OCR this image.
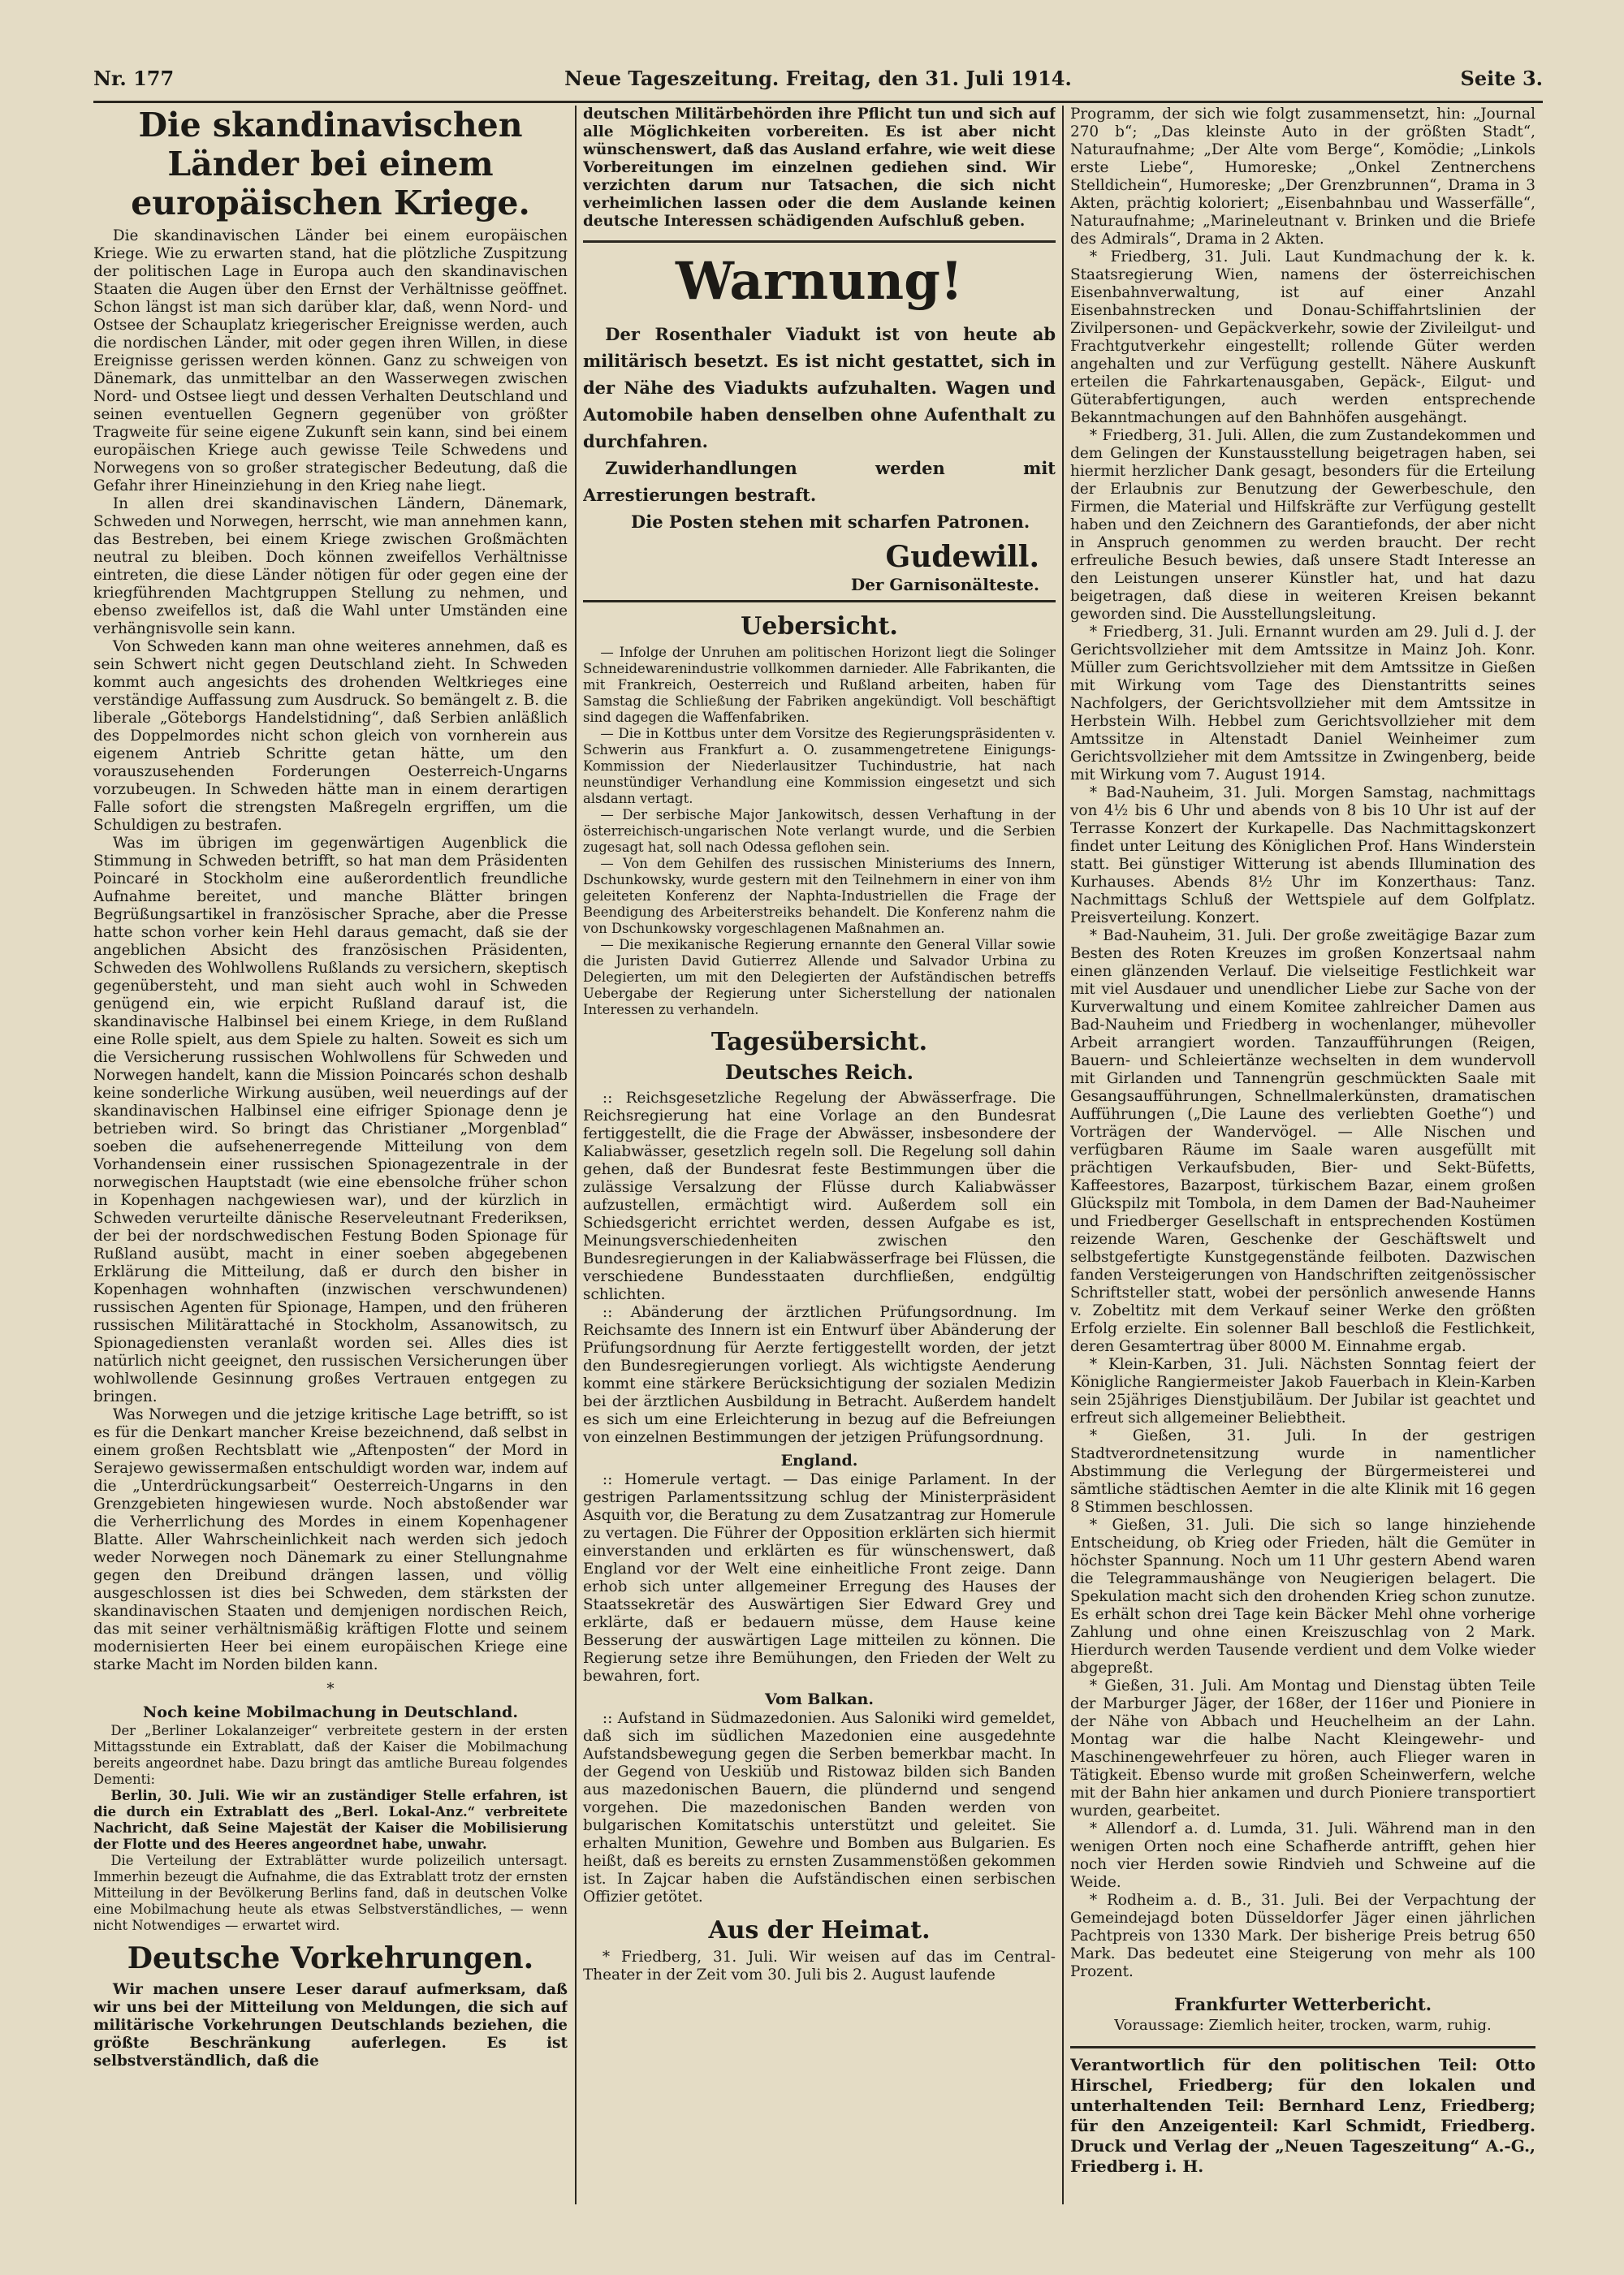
Nr. 177	Neue Tageszeitung. Freitag, den 31. Juli 1914.	Seite 3.
Die skandinavischen Länder bei einem europäischen Kriege.

Die skandinavischen Länder bei einem europäischen Kriege. Wie zu erwarten stand, hat die plötzliche Zuspitzung der politischen Lage in Europa auch den skandinavischen Staaten die Augen über den Ernst der Verhältnisse geöffnet. Schon längst ist man sich darüber klar, daß, wenn Nord- und Ostsee der Schauplatz kriegerischer Ereignisse werden, auch die nordischen Länder, mit oder gegen ihren Willen, in diese Ereignisse gerissen werden können. Ganz zu schweigen von Dänemark, das unmittelbar an den Wasserwegen zwischen Nord- und Ostsee liegt und dessen Verhalten Deutschland und seinen eventuellen Gegnern gegenüber von größter Tragweite für seine eigene Zukunft sein kann, sind bei einem europäischen Kriege auch gewisse Teile Schwedens und Norwegens von so großer strategischer Bedeutung, daß die Gefahr ihrer Hineinziehung in den Krieg nahe liegt.

In allen drei skandinavischen Ländern, Dänemark, Schweden und Norwegen, herrscht, wie man annehmen kann, das Bestreben, bei einem Kriege zwischen Großmächten neutral zu bleiben. Doch können zweifellos Verhältnisse eintreten, die diese Länder nötigen für oder gegen eine der kriegführenden Machtgruppen Stellung zu nehmen, und ebenso zweifellos ist, daß die Wahl unter Umständen eine verhängnisvolle sein kann.

Von Schweden kann man ohne weiteres annehmen, daß es sein Schwert nicht gegen Deutschland zieht. In Schweden kommt auch angesichts des drohenden Weltkrieges eine verständige Auffassung zum Ausdruck. So bemängelt z. B. die liberale „Göteborgs Handelstidning“, daß Serbien anläßlich des Doppelmordes nicht schon gleich von vornherein aus eigenem Antrieb Schritte getan hätte, um den vorauszusehenden Forderungen Oesterreich-Ungarns vorzubeugen. In Schweden hätte man in einem derartigen Falle sofort die strengsten Maßregeln ergriffen, um die Schuldigen zu bestrafen.

Was im übrigen im gegenwärtigen Augenblick die Stimmung in Schweden betrifft, so hat man dem Präsidenten Poincaré in Stockholm eine außerordentlich freundliche Aufnahme bereitet, und manche Blätter bringen Begrüßungsartikel in französischer Sprache, aber die Presse hatte schon vorher kein Hehl daraus gemacht, daß sie der angeblichen Absicht des französischen Präsidenten, Schweden des Wohlwollens Rußlands zu versichern, skeptisch gegenübersteht, und man sieht auch wohl in Schweden genügend ein, wie erpicht Rußland darauf ist, die skandinavische Halbinsel bei einem Kriege, in dem Rußland eine Rolle spielt, aus dem Spiele zu halten. Soweit es sich um die Versicherung russischen Wohlwollens für Schweden und Norwegen handelt, kann die Mission Poincarés schon deshalb keine sonderliche Wirkung ausüben, weil neuerdings auf der skandinavischen Halbinsel eine eifriger Spionage denn je betrieben wird. So bringt das Christianer „Morgenblad“ soeben die aufsehenerregende Mitteilung von dem Vorhandensein einer russischen Spionagezentrale in der norwegischen Hauptstadt (wie eine ebensolche früher schon in Kopenhagen nachgewiesen war), und der kürzlich in Schweden verurteilte dänische Reserveleutnant Frederiksen, der bei der nordschwedischen Festung Boden Spionage für Rußland ausübt, macht in einer soeben abgegebenen Erklärung die Mitteilung, daß er durch den bisher in Kopenhagen wohnhaften (inzwischen verschwundenen) russischen Agenten für Spionage, Hampen, und den früheren russischen Militärattaché in Stockholm, Assanowitsch, zu Spionagediensten veranlaßt worden sei. Alles dies ist natürlich nicht geeignet, den russischen Versicherungen über wohlwollende Gesinnung großes Vertrauen entgegen zu bringen.

Was Norwegen und die jetzige kritische Lage betrifft, so ist es für die Denkart mancher Kreise bezeichnend, daß selbst in einem großen Rechtsblatt wie „Aftenposten“ der Mord in Serajewo gewissermaßen entschuldigt worden war, indem auf die „Unterdrückungsarbeit“ Oesterreich-Ungarns in den Grenzgebieten hingewiesen wurde. Noch abstoßender war die Verherrlichung des Mordes in einem Kopenhagener Blatte. Aller Wahrscheinlichkeit nach werden sich jedoch weder Norwegen noch Dänemark zu einer Stellungnahme gegen den Dreibund drängen lassen, und völlig ausgeschlossen ist dies bei Schweden, dem stärksten der skandinavischen Staaten und demjenigen nordischen Reich, das mit seiner verhältnismäßig kräftigen Flotte und seinem modernisierten Heer bei einem europäischen Kriege eine starke Macht im Norden bilden kann.

*
Noch keine Mobilmachung in Deutschland.

Der „Berliner Lokalanzeiger“ verbreitete gestern in der ersten Mittagsstunde ein Extrablatt, daß der Kaiser die Mobilmachung bereits angeordnet habe. Dazu bringt das amtliche Bureau folgendes Dementi:

Berlin, 30. Juli. Wie wir an zuständiger Stelle erfahren, ist die durch ein Extrablatt des „Berl. Lokal-Anz.“ verbreitete Nachricht, daß Seine Majestät der Kaiser die Mobilisierung der Flotte und des Heeres angeordnet habe, unwahr.

Die Verteilung der Extrablätter wurde polizeilich untersagt. Immerhin bezeugt die Aufnahme, die das Extrablatt trotz der ernsten Mitteilung in der Bevölkerung Berlins fand, daß in deutschen Volke eine Mobilmachung heute als etwas Selbstverständliches, — wenn nicht Notwendiges — erwartet wird.

Deutsche Vorkehrungen.

Wir machen unsere Leser darauf aufmerksam, daß wir uns bei der Mitteilung von Meldungen, die sich auf militärische Vorkehrungen Deutschlands beziehen, die größte Beschränkung auferlegen. Es ist selbstverständlich, daß die

deutschen Militärbehörden ihre Pflicht tun und sich auf alle Möglichkeiten vorbereiten. Es ist aber nicht wünschenswert, daß das Ausland erfahre, wie weit diese Vorbereitungen im einzelnen gediehen sind. Wir verzichten darum nur Tatsachen, die sich nicht verheimlichen lassen oder die dem Auslande keinen deutsche Interessen schädigenden Aufschluß geben.

Warnung!

Der Rosenthaler Viadukt ist von heute ab militärisch besetzt. Es ist nicht gestattet, sich in der Nähe des Viadukts aufzuhalten. Wagen und Automobile haben denselben ohne Aufenthalt zu durchfahren.

Zuwiderhandlungen werden mit Arrestierungen bestraft.

Die Posten stehen mit scharfen Patronen.

Gudewill.
Der Garnisonälteste.
Uebersicht.

— Infolge der Unruhen am politischen Horizont liegt die Solinger Schneidewarenindustrie vollkommen darnieder. Alle Fabrikanten, die mit Frankreich, Oesterreich und Rußland arbeiten, haben für Samstag die Schließung der Fabriken angekündigt. Voll beschäftigt sind dagegen die Waffenfabriken.

— Die in Kottbus unter dem Vorsitze des Regierungspräsidenten v. Schwerin aus Frankfurt a. O. zusammengetretene Einigungs-Kommission der Niederlausitzer Tuchindustrie, hat nach neunstündiger Verhandlung eine Kommission eingesetzt und sich alsdann vertagt.

— Der serbische Major Jankowitsch, dessen Verhaftung in der österreichisch-ungarischen Note verlangt wurde, und die Serbien zugesagt hat, soll nach Odessa geflohen sein.

— Von dem Gehilfen des russischen Ministeriums des Innern, Dschunkowsky, wurde gestern mit den Teilnehmern in einer von ihm geleiteten Konferenz der Naphta-Industriellen die Frage der Beendigung des Arbeiterstreiks behandelt. Die Konferenz nahm die von Dschunkowsky vorgeschlagenen Maßnahmen an.

— Die mexikanische Regierung ernannte den General Villar sowie die Juristen David Gutierrez Allende und Salvador Urbina zu Delegierten, um mit den Delegierten der Aufständischen betreffs Uebergabe der Regierung unter Sicherstellung der nationalen Interessen zu verhandeln.

Tagesübersicht.
Deutsches Reich.

:: Reichsgesetzliche Regelung der Abwässerfrage. Die Reichsregierung hat eine Vorlage an den Bundesrat fertiggestellt, die die Frage der Abwässer, insbesondere der Kaliabwässer, gesetzlich regeln soll. Die Regelung soll dahin gehen, daß der Bundesrat feste Bestimmungen über die zulässige Versalzung der Flüsse durch Kaliabwässer aufzustellen, ermächtigt wird. Außerdem soll ein Schiedsgericht errichtet werden, dessen Aufgabe es ist, Meinungsverschiedenheiten zwischen den Bundesregierungen in der Kaliabwässerfrage bei Flüssen, die verschiedene Bundesstaaten durchfließen, endgültig schlichten.

:: Abänderung der ärztlichen Prüfungsordnung. Im Reichsamte des Innern ist ein Entwurf über Abänderung der Prüfungsordnung für Aerzte fertiggestellt worden, der jetzt den Bundesregierungen vorliegt. Als wichtigste Aenderung kommt eine stärkere Berücksichtigung der sozialen Medizin bei der ärztlichen Ausbildung in Betracht. Außerdem handelt es sich um eine Erleichterung in bezug auf die Befreiungen von einzelnen Bestimmungen der jetzigen Prüfungsordnung.

England.

:: Homerule vertagt. — Das einige Parlament. In der gestrigen Parlamentssitzung schlug der Ministerpräsident Asquith vor, die Beratung zu dem Zusatzantrag zur Homerule zu vertagen. Die Führer der Opposition erklärten sich hiermit einverstanden und erklärten es für wünschenswert, daß England vor der Welt eine einheitliche Front zeige. Dann erhob sich unter allgemeiner Erregung des Hauses der Staatssekretär des Auswärtigen Sier Edward Grey und erklärte, daß er bedauern müsse, dem Hause keine Besserung der auswärtigen Lage mitteilen zu können. Die Regierung setze ihre Bemühungen, den Frieden der Welt zu bewahren, fort.

Vom Balkan.

:: Aufstand in Südmazedonien. Aus Saloniki wird gemeldet, daß sich im südlichen Mazedonien eine ausgedehnte Aufstandsbewegung gegen die Serben bemerkbar macht. In der Gegend von Ueskiüb und Ristowaz bilden sich Banden aus mazedonischen Bauern, die plündernd und sengend vorgehen. Die mazedonischen Banden werden von bulgarischen Komitatschis unterstützt und geleitet. Sie erhalten Munition, Gewehre und Bomben aus Bulgarien. Es heißt, daß es bereits zu ernsten Zusammenstößen gekommen ist. In Zajcar haben die Aufständischen einen serbischen Offizier getötet.

Aus der Heimat.

* Friedberg, 31. Juli. Wir weisen auf das im Central-Theater in der Zeit vom 30. Juli bis 2. August laufende

Programm, der sich wie folgt zusammensetzt, hin: „Journal 270 b“; „Das kleinste Auto in der größten Stadt“, Naturaufnahme; „Der Alte vom Berge“, Komödie; „Linkols erste Liebe“, Humoreske; „Onkel Zentnerchens Stelldichein“, Humoreske; „Der Grenzbrunnen“, Drama in 3 Akten, prächtig koloriert; „Eisenbahnbau und Wasserfälle“, Naturaufnahme; „Marineleutnant v. Brinken und die Briefe des Admirals“, Drama in 2 Akten.

* Friedberg, 31. Juli. Laut Kundmachung der k. k. Staatsregierung Wien, namens der österreichischen Eisenbahnverwaltung, ist auf einer Anzahl Eisenbahnstrecken und Donau-Schiffahrtslinien der Zivilpersonen- und Gepäckverkehr, sowie der Zivileilgut- und Frachtgutverkehr eingestellt; rollende Güter werden angehalten und zur Verfügung gestellt. Nähere Auskunft erteilen die Fahrkartenausgaben, Gepäck-, Eilgut- und Güterabfertigungen, auch werden entsprechende Bekanntmachungen auf den Bahnhöfen ausgehängt.

* Friedberg, 31. Juli. Allen, die zum Zustandekommen und dem Gelingen der Kunstausstellung beigetragen haben, sei hiermit herzlicher Dank gesagt, besonders für die Erteilung der Erlaubnis zur Benutzung der Gewerbeschule, den Firmen, die Material und Hilfskräfte zur Verfügung gestellt haben und den Zeichnern des Garantiefonds, der aber nicht in Anspruch genommen zu werden braucht. Der recht erfreuliche Besuch bewies, daß unsere Stadt Interesse an den Leistungen unserer Künstler hat, und hat dazu beigetragen, daß diese in weiteren Kreisen bekannt geworden sind. Die Ausstellungsleitung.

* Friedberg, 31. Juli. Ernannt wurden am 29. Juli d. J. der Gerichtsvollzieher mit dem Amtssitze in Mainz Joh. Konr. Müller zum Gerichtsvollzieher mit dem Amtssitze in Gießen mit Wirkung vom Tage des Dienstantritts seines Nachfolgers, der Gerichtsvollzieher mit dem Amtssitze in Herbstein Wilh. Hebbel zum Gerichtsvollzieher mit dem Amtssitze in Altenstadt Daniel Weinheimer zum Gerichtsvollzieher mit dem Amtssitze in Zwingenberg, beide mit Wirkung vom 7. August 1914.

* Bad-Nauheim, 31. Juli. Morgen Samstag, nachmittags von 4½ bis 6 Uhr und abends von 8 bis 10 Uhr ist auf der Terrasse Konzert der Kurkapelle. Das Nachmittagskonzert findet unter Leitung des Königlichen Prof. Hans Winderstein statt. Bei günstiger Witterung ist abends Illumination des Kurhauses. Abends 8½ Uhr im Konzerthaus: Tanz. Nachmittags Schluß der Wettspiele auf dem Golfplatz. Preisverteilung. Konzert.

* Bad-Nauheim, 31. Juli. Der große zweitägige Bazar zum Besten des Roten Kreuzes im großen Konzertsaal nahm einen glänzenden Verlauf. Die vielseitige Festlichkeit war mit viel Ausdauer und unendlicher Liebe zur Sache von der Kurverwaltung und einem Komitee zahlreicher Damen aus Bad-Nauheim und Friedberg in wochenlanger, mühevoller Arbeit arrangiert worden. Tanzaufführungen (Reigen, Bauern- und Schleiertänze wechselten in dem wundervoll mit Girlanden und Tannengrün geschmückten Saale mit Gesangsaufführungen, Schnellmalerkünsten, dramatischen Aufführungen („Die Laune des verliebten Goethe“) und Vorträgen der Wandervögel. — Alle Nischen und verfügbaren Räume im Saale waren ausgefüllt mit prächtigen Verkaufsbuden, Bier- und Sekt-Büfetts, Kaffeestores, Bazarpost, türkischem Bazar, einem großen Glückspilz mit Tombola, in dem Damen der Bad-Nauheimer und Friedberger Gesellschaft in entsprechenden Kostümen reizende Waren, Geschenke der Geschäftswelt und selbstgefertigte Kunstgegenstände feilboten. Dazwischen fanden Versteigerungen von Handschriften zeitgenössischer Schriftsteller statt, wobei der persönlich anwesende Hanns v. Zobeltitz mit dem Verkauf seiner Werke den größten Erfolg erzielte. Ein solenner Ball beschloß die Festlichkeit, deren Gesamtertrag über 8000 M. Einnahme ergab.

* Klein-Karben, 31. Juli. Nächsten Sonntag feiert der Königliche Rangiermeister Jakob Fauerbach in Klein-Karben sein 25jähriges Dienstjubiläum. Der Jubilar ist geachtet und erfreut sich allgemeiner Beliebtheit.

* Gießen, 31. Juli. In der gestrigen Stadtverordnetensitzung wurde in namentlicher Abstimmung die Verlegung der Bürgermeisterei und sämtliche städtischen Aemter in die alte Klinik mit 16 gegen 8 Stimmen beschlossen.

* Gießen, 31. Juli. Die sich so lange hinziehende Entscheidung, ob Krieg oder Frieden, hält die Gemüter in höchster Spannung. Noch um 11 Uhr gestern Abend waren die Telegrammaushänge von Neugierigen belagert. Die Spekulation macht sich den drohenden Krieg schon zunutze. Es erhält schon drei Tage kein Bäcker Mehl ohne vorherige Zahlung und ohne einen Kreiszuschlag von 2 Mark. Hierdurch werden Tausende verdient und dem Volke wieder abgepreßt.

* Gießen, 31. Juli. Am Montag und Dienstag übten Teile der Marburger Jäger, der 168er, der 116er und Pioniere in der Nähe von Abbach und Heuchelheim an der Lahn. Montag war die halbe Nacht Kleingewehr- und Maschinengewehrfeuer zu hören, auch Flieger waren in Tätigkeit. Ebenso wurde mit großen Scheinwerfern, welche mit der Bahn hier ankamen und durch Pioniere transportiert wurden, gearbeitet.

* Allendorf a. d. Lumda, 31. Juli. Während man in den wenigen Orten noch eine Schafherde antrifft, gehen hier noch vier Herden sowie Rindvieh und Schweine auf die Weide.

* Rodheim a. d. B., 31. Juli. Bei der Verpachtung der Gemeindejagd boten Düsseldorfer Jäger einen jährlichen Pachtpreis von 1330 Mark. Der bisherige Preis betrug 650 Mark. Das bedeutet eine Steigerung von mehr als 100 Prozent.

Frankfurter Wetterbericht.
Voraussage: Ziemlich heiter, trocken, warm, ruhig.
Verantwortlich für den politischen Teil: Otto Hirschel, Friedberg; für den lokalen und unterhaltenden Teil: Bernhard Lenz, Friedberg; für den Anzeigenteil: Karl Schmidt, Friedberg. Druck und Verlag der „Neuen Tageszeitung“ A.-G., Friedberg i. H.
